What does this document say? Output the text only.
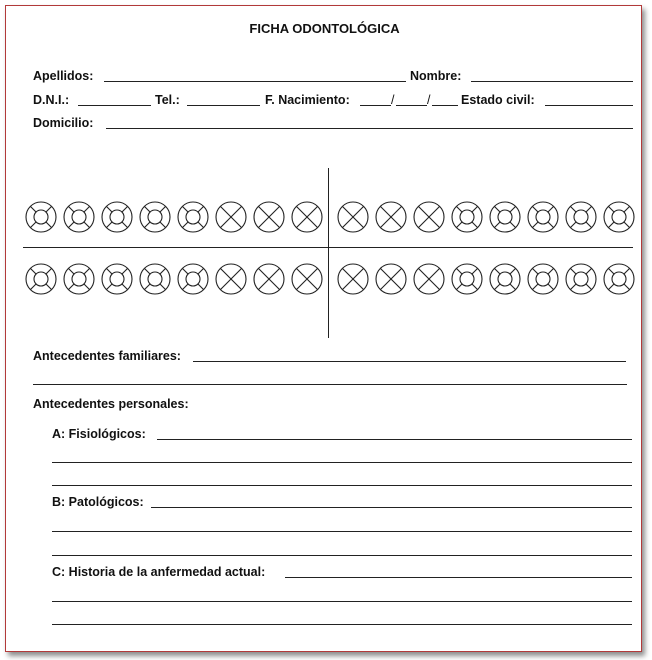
FICHA ODONTOLÓGICA
Apellidos:	Nombre:
D.N.I.:	Tel.:	F. Nacimiento:	/	/ Estado civil:
Domicilio:
Antecedentes familiares:
Antecedentes personales:
A: Fisiológicos:
B: Patológicos:
C: Historia de la anfermedad actual:
